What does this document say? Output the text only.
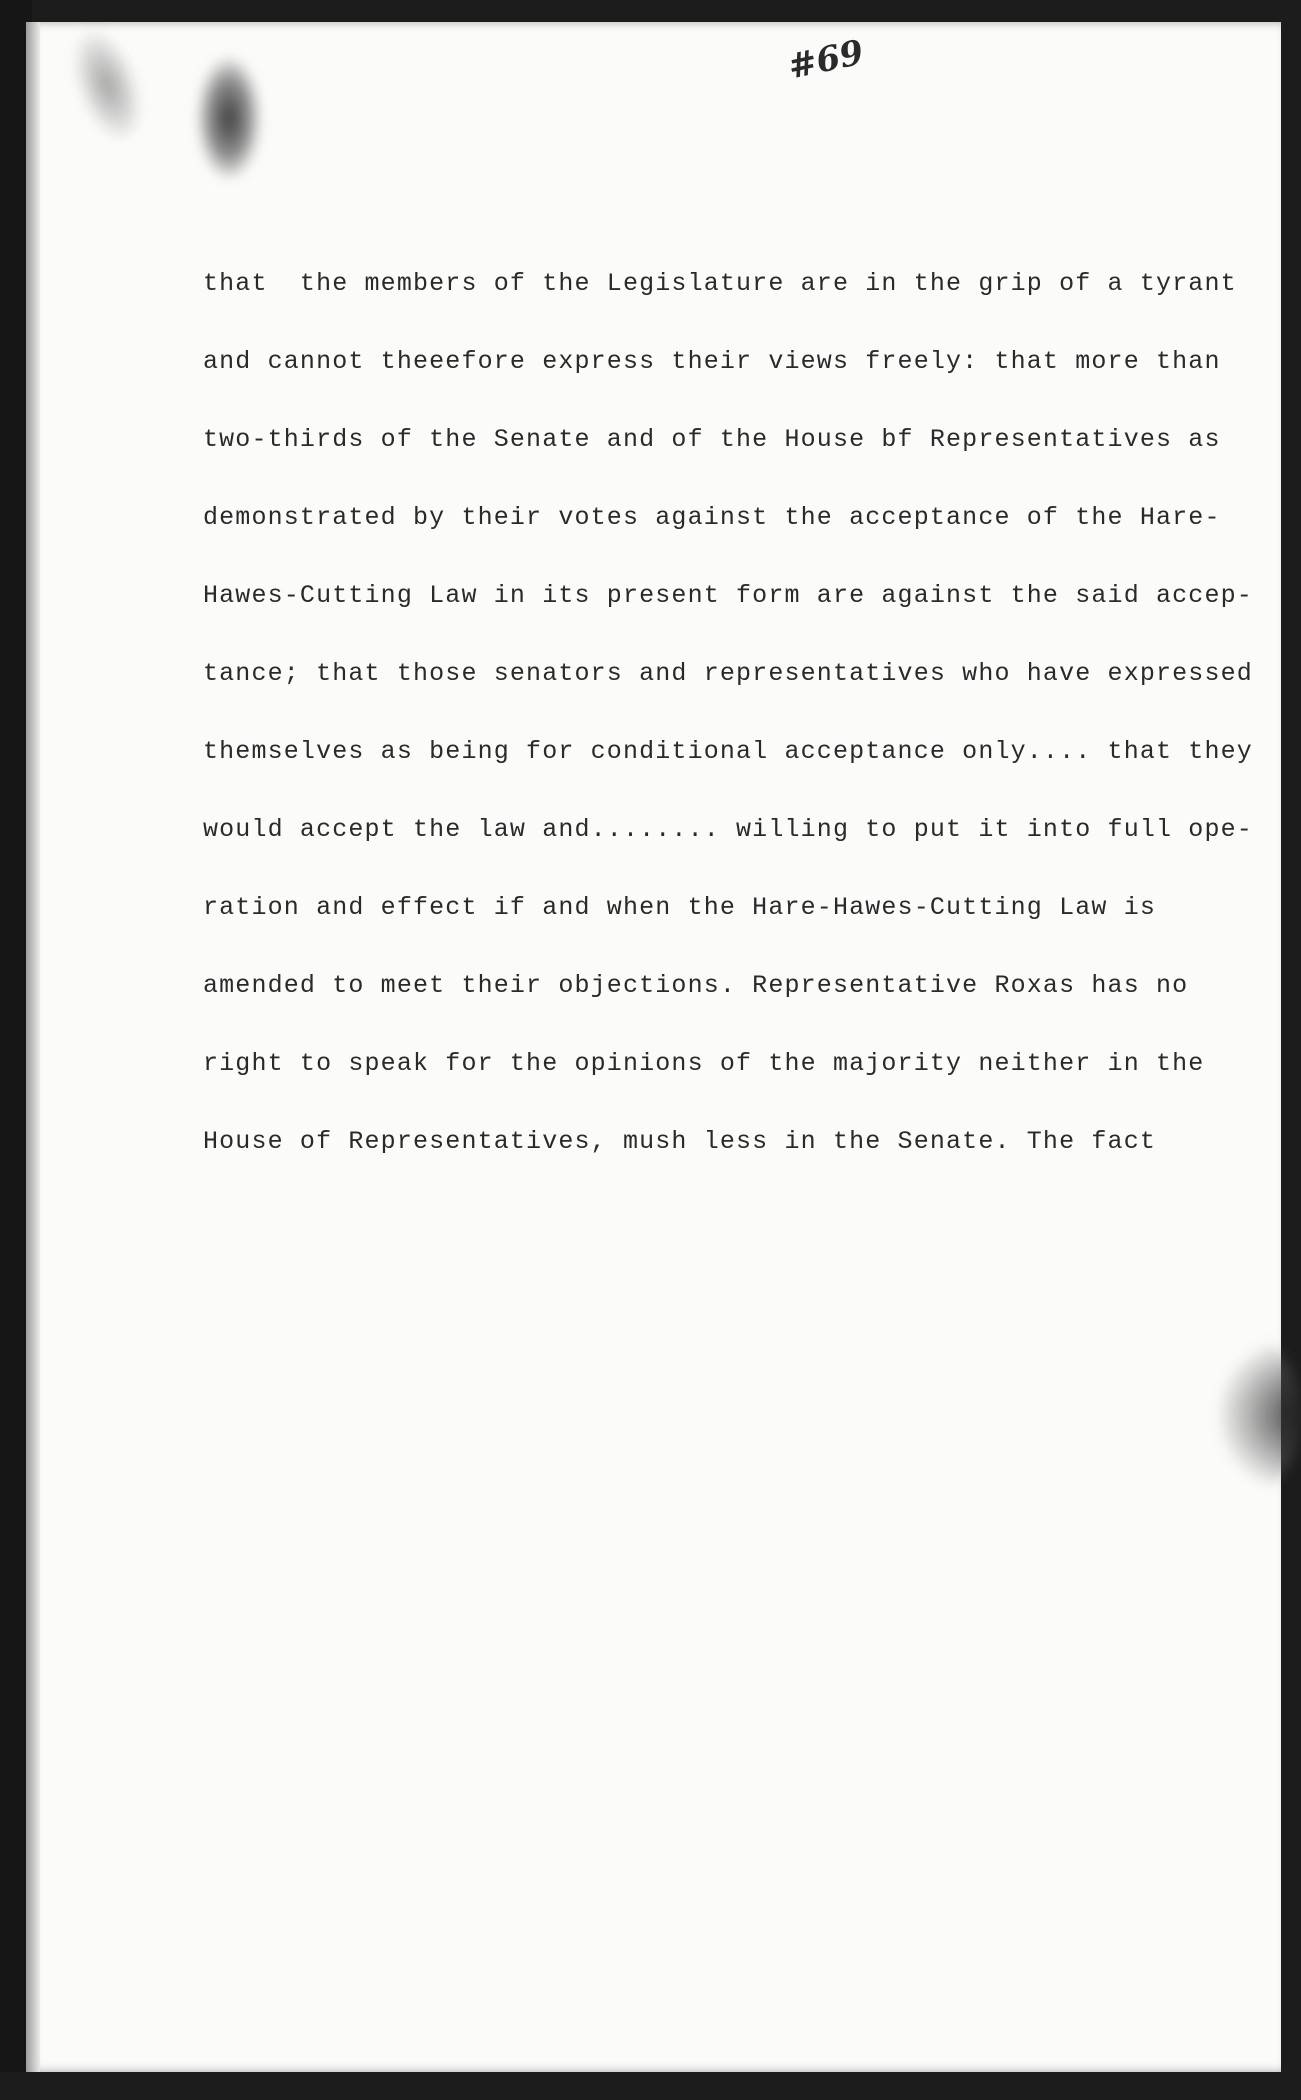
#69
that  the members of the Legislature are in the grip of a tyrant
and cannot theeefore express their views freely: that more than
two-thirds of the Senate and of the House bf Representatives as
demonstrated by their votes against the acceptance of the Hare-
Hawes-Cutting Law in its present form are against the said accep-
tance; that those senators and representatives who have expressed
themselves as being for conditional acceptance only.... that they
would accept the law and........ willing to put it into full ope-
ration and effect if and when the Hare-Hawes-Cutting Law is
amended to meet their objections. Representative Roxas has no
right to speak for the opinions of the majority neither in the
House of Representatives, mush less in the Senate. The fact
